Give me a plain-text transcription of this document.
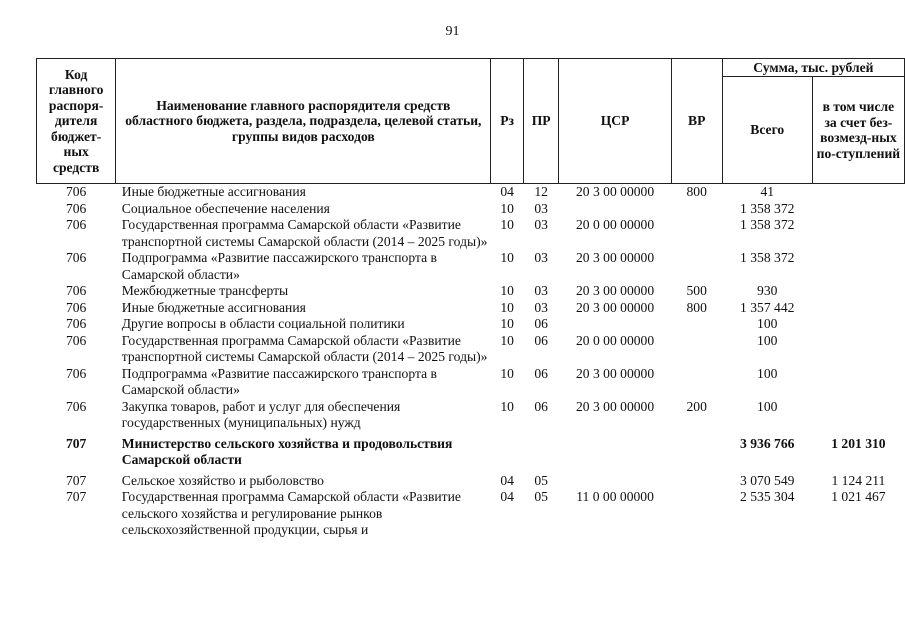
91
Код главного распоря-дителя бюджет-ных средств	Наименование главного распорядителя средств областного бюджета, раздела, подраздела, целевой статьи, группы видов расходов	Рз	ПР	ЦСР	ВР	Сумма, тыс. рублей	
						Всего	в том числе за счет без-возмезд-ных по-ступлений
706	Иные бюджетные ассигнования	04	12	20 3 00 00000	800	41	
706	Социальное обеспечение населения	10	03			1 358 372	
706	Государственная программа Самарской области «Развитие транспортной системы Самарской области (2014 – 2025 годы)»	10	03	20 0 00 00000		1 358 372	
706	Подпрограмма «Развитие пассажирского транспорта в Самарской области»	10	03	20 3 00 00000		1 358 372	
706	Межбюджетные трансферты	10	03	20 3 00 00000	500	930	
706	Иные бюджетные ассигнования	10	03	20 3 00 00000	800	1 357 442	
706	Другие вопросы в области социальной политики	10	06			100	
706	Государственная программа Самарской области «Развитие транспортной системы Самарской области (2014 – 2025 годы)»	10	06	20 0 00 00000		100	
706	Подпрограмма «Развитие пассажирского транспорта в Самарской области»	10	06	20 3 00 00000		100	
706	Закупка товаров, работ и услуг для обеспечения государственных (муниципальных) нужд	10	06	20 3 00 00000	200	100	
707	Министерство сельского хозяйства и продовольствия Самарской области					3 936 766	1 201 310
707	Сельское хозяйство и рыболовство	04	05			3 070 549	1 124 211
707	Государственная программа Самарской области «Развитие сельского хозяйства и регулирование рынков сельскохозяйственной продукции, сырья и	04	05	11 0 00 00000		2 535 304	1 021 467
